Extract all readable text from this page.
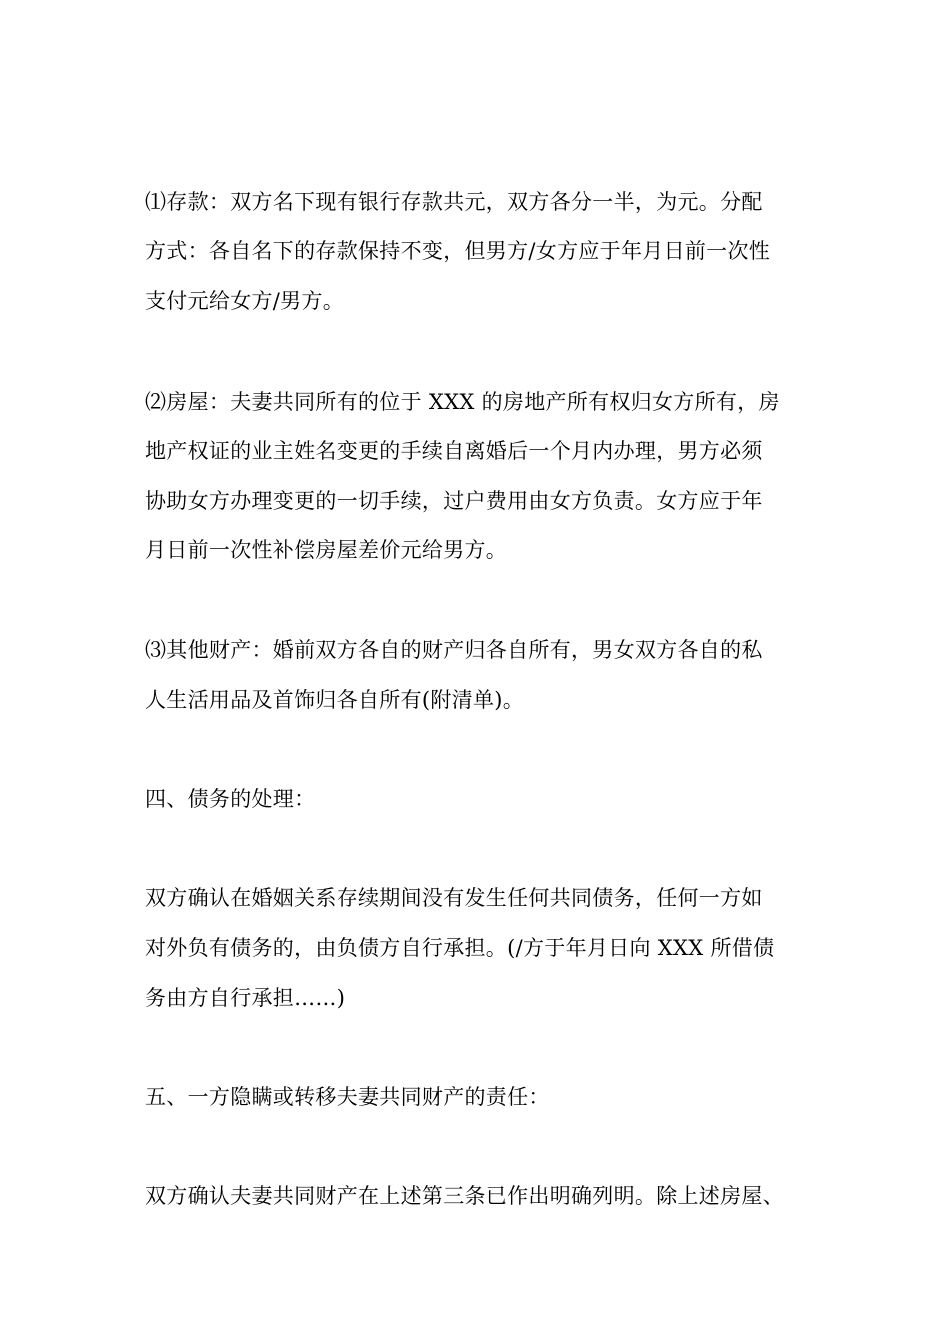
⑴存款：双方名下现有银行存款共元，双方各分一半，为元。分配
方式：各自名下的存款保持不变，但男方/女方应于年月日前一次性
支付元给女方/男方。
⑵房屋：夫妻共同所有的位于 XXX 的房地产所有权归女方所有，房
地产权证的业主姓名变更的手续自离婚后一个月内办理，男方必须
协助女方办理变更的一切手续，过户费用由女方负责。女方应于年
月日前一次性补偿房屋差价元给男方。
⑶其他财产：婚前双方各自的财产归各自所有，男女双方各自的私
人生活用品及首饰归各自所有(附清单)。
四、债务的处理：
双方确认在婚姻关系存续期间没有发生任何共同债务，任何一方如
对外负有债务的，由负债方自行承担。(/方于年月日向 XXX 所借债
务由方自行承担……)
五、一方隐瞒或转移夫妻共同财产的责任：
双方确认夫妻共同财产在上述第三条已作出明确列明。除上述房屋、
